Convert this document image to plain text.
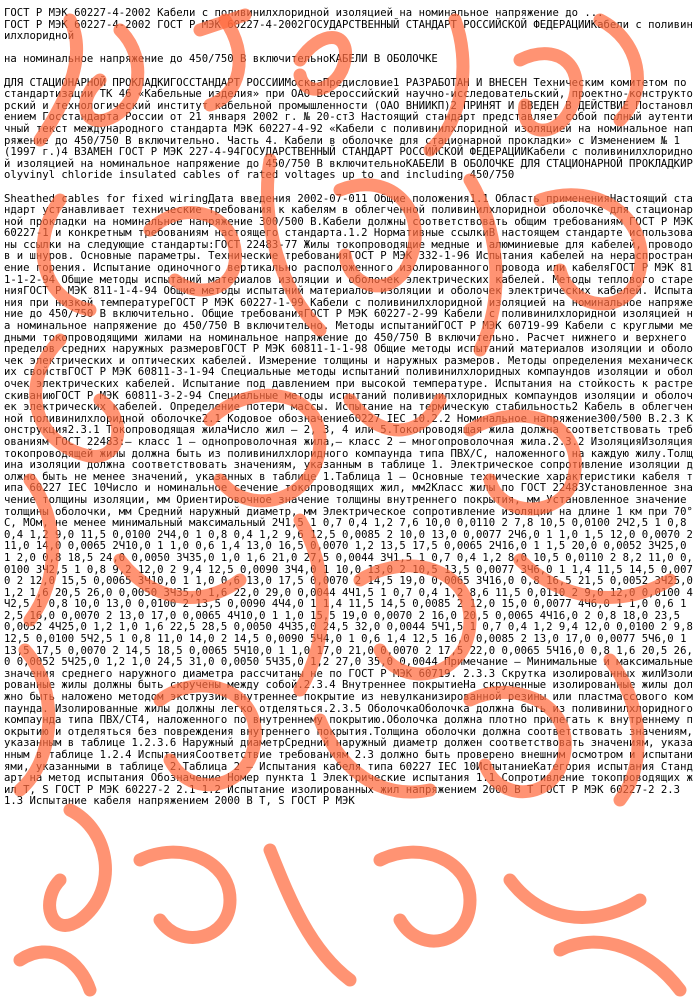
ГОСТ Р МЭК 60227-4-2002 Кабели с поливинилхлоридной изоляцией на номинальное напряжение до ...
ГОСТ Р МЭК 60227-4-2002 ГОСТ Р МЭК 60227-4-2002ГОСУДАРСТВЕННЫЙ СТАНДАРТ РОССИЙСКОЙ ФЕДЕРАЦИИКабели с поливинилхлоридной

на номинальное напряжение до 450/750 В включительноКАБЕЛИ В ОБОЛОЧКЕ

ДЛЯ СТАЦИОНАРНОЙ ПРОКЛАДКИГОССТАНДАРТ РОССИИМоскваПредисловие1 РАЗРАБОТАН И ВНЕСЕН Техническим комитетом по стандартизации ТК 46 «Кабельные изделия» при ОАО Всероссийский научно-исследовательский, проектно-конструкторский и технологический институт кабельной промышленности (ОАО ВНИИКП)2 ПРИНЯТ И ВВЕДЕН В ДЕЙСТВИЕ Постановлением Госстандарта России от 21 января 2002 г. № 20-ст3 Настоящий стандарт представляет собой полный аутентичный текст международного стандарта МЭК 60227-4-92 «Кабели с поливинилхлоридной изоляцией на номинальное напряжение до 450/750 В включительно. Часть 4. Кабели в оболочке для стационарной прокладки» с Изменением № 1 (1997 г.)4 ВЗАМЕН ГОСТ Р МЭК 227-4-94ГОСУДАРСТВЕННЫЙ СТАНДАРТ РОССИЙСКОЙ ФЕДЕРАЦИИКабели с поливинилхлоридной изоляцией на номинальное напряжение до 450/750 В включительноКАБЕЛИ В ОБОЛОЧКЕ ДЛЯ СТАЦИОНАРНОЙ ПРОКЛАДКИPolyvinyl chloride insulated cables of rated voltages up to and including 450/750

Sheathed cables for fixed wiringДата введения 2002-07-011 Общие положения1.1 Область примененияНастоящий стандарт устанавливает технические требования к кабелям в облегченной поливинилхлоридной оболочке для стационарной прокладки на номинальное напряжение 300/500 В.Кабели должны соответствовать общим требованиям ГОСТ Р МЭК 60227-1 и конкретным требованиям настоящего стандарта.1.2 Нормативные ссылкиВ настоящем стандарте использованы ссылки на следующие стандарты:ГОСТ 22483-77 Жилы токопроводящие медные и алюминиевые для кабелей, проводов и шнуров. Основные параметры. Технические требованияГОСТ Р МЭК 332-1-96 Испытания кабелей на нераспространение горения. Испытание одиночного вертикально расположенного изолированного провода или кабеляГОСТ Р МЭК 811-1-2-94 Общие методы испытаний материалов изоляции и оболочек электрических кабелей. Методы теплового старенияГОСТ Р МЭК 811-1-4-94 Общие методы испытаний материалов изоляции и оболочек электрических кабелей. Испытания при низкой температуреГОСТ Р МЭК 60227-1-99 Кабели с поливинилхлоридной изоляцией на номинальное напряжение до 450/750 В включительно. Общие требованияГОСТ Р МЭК 60227-2-99 Кабели с поливинилхлоридной изоляцией на номинальное напряжение до 450/750 В включительно. Методы испытанийГОСТ Р МЭК 60719-99 Кабели с круглыми медными токопроводящими жилами на номинальное напряжение до 450/750 В включительно. Расчет нижнего и верхнего пределов средних наружных размеровГОСТ Р МЭК 60811-1-1-98 Общие методы испытаний материалов изоляции и оболочек электрических и оптических кабелей. Измерение толщины и наружных размеров. Методы определения механических свойствГОСТ Р МЭК 60811-3-1-94 Специальные методы испытаний поливинилхлоридных компаундов изоляции и оболочек электрических кабелей. Испытание под давлением при высокой температуре. Испытания на стойкость к растрескиваниюГОСТ Р МЭК 60811-3-2-94 Специальные методы испытаний поливинилхлоридных компаундов изоляции и оболочек электрических кабелей. Определение потери массы. Испытание на термическую стабильность2 Кабель в облегченной поливинилхлоридной оболочке2.1 Кодовое обозначение60227 IEC 10.2.2 Номинальное напряжение300/500 В.2.3 Конструкция2.3.1 Токопроводящая жилаЧисло жил — 2, 3, 4 или 5.Токопроводящая жила должна соответствовать требованиям ГОСТ 22483:— класс 1 — однопроволочная жила,— класс 2 — многопроволочная жила.2.3.2 ИзоляцияИзоляция токопроводящей жилы должна быть из поливинилхлоридного компаунда типа ПВХ/С, наложенного на каждую жилу.Толщина изоляции должна соответствовать значениям, указанным в таблице 1. Электрическое сопротивление изоляции должно быть не менее значений, указанных в таблице 1.Таблица 1 — Основные технические характеристики кабеля типа 60227 IEC 10Число и номинальное сечение токопроводящих жил, мм2Класс жилы по ГОСТ 22483Установленное значение толщины изоляции, мм Ориентировочное значение толщины внутреннего покрытия, мм Установленное значение толщины оболочки, мм Средний наружный диаметр, мм Электрическое сопротивление изоляции на длине 1 км при 70°С, МОм, не менее минимальный максимальный 2Ч1,5 1 0,7 0,4 1,2 7,6 10,0 0,0110 2 7,8 10,5 0,0100 2Ч2,5 1 0,8 0,4 1,2 9,0 11,5 0,0100 2Ч4,0 1 0,8 0,4 1,2 9,6 12,5 0,0085 2 10,0 13,0 0,0077 2Ч6,0 1 1,0 1,5 12,0 0,0070 2 11,0 14,0 0,0065 2Ч10,0 1 1,0 0,6 1,4 13,0 16,5 0,0070 1,2 13,5 17,5 0,0065 2Ч16,0 1 1,5 20,0 0,0052 3Ч25,0 1 2,0 0,8 18,5 24,0 0,0050 3Ч35,0 1,0 1,6 21,0 27,5 0,0044 3Ч1,5 1 0,7 0,4 1,2 8,0 10,5 0,0110 2 8,2 11,0 0,0100 3Ч2,5 1 0,8 9,2 12,0 2 9,4 12,5 0,0090 3Ч4,0 1 10,0 13,0 2 10,5 13,5 0,0077 3Ч6,0 1 1,4 11,5 14,5 0,0070 2 12,0 15,5 0,0065 3Ч10,0 1 1,0 0,6 13,0 17,5 0,0070 2 14,5 19,0 0,0065 3Ч16,0 0,8 16,5 21,5 0,0052 3Ч25,0 1,2 1,6 20,5 26,0 0,0050 3Ч35,0 1,6 22,0 29,0 0,0044 4Ч1,5 1 0,7 0,4 1,2 8,6 11,5 0,0110 2 9,0 12,0 0,0100 4Ч2,5 1 0,8 10,0 13,0 0,0100 2 13,5 0,0090 4Ч4,0 1 1,4 11,5 14,5 0,0085 2 12,0 15,0 0,0077 4Ч6,0 1 1,0 0,6 12,5 16,0 0,0070 2 13,0 17,0 0,0065 4Ч10,0 1 1,0 15,5 19,0 0,0070 2 16,0 20,5 0,0065 4Ч16,0 2 0,8 18,0 23,5 0,0052 4Ч25,0 1,2 1,0 1,6 22,5 28,5 0,0050 4Ч35,0 24,5 32,0 0,0044 5Ч1,5 1 0,7 0,4 1,2 9,4 12,0 0,0100 2 9,8 12,5 0,0100 5Ч2,5 1 0,8 11,0 14,0 2 14,5 0,0090 5Ч4,0 1 0,6 1,4 12,5 16,0 0,0085 2 13,0 17,0 0,0077 5Ч6,0 1 13,5 17,5 0,0070 2 14,5 18,5 0,0065 5Ч10,0 1 1,0 17,0 21,0 0,0070 2 17,5 22,0 0,0065 5Ч16,0 0,8 1,6 20,5 26,0 0,0052 5Ч25,0 1,2 1,0 24,5 31,0 0,0050 5Ч35,0 1,2 27,0 35,0 0,0044 Примечание — Минимальные и максимальные значения среднего наружного диаметра рассчитаны не по ГОСТ Р МЭК 60719. 2.3.3 Скрутка изолированных жилИзолированные жилы должны быть скручены между собой.2.3.4 Внутреннее покрытиеНа скрученные изолированные жилы должно быть наложено методом экструзии внутреннее покрытие из невулканизированной резины или пластмассового компаунда. Изолированные жилы должны легко отделяться.2.3.5 ОболочкаОболочка должна быть из поливинилхлоридного компаунда типа ПВХ/СТ4, наложенного по внутреннему покрытию.Оболочка должна плотно прилегать к внутреннему покрытию и отделяться без повреждения внутреннего покрытия.Толщина оболочки должна соответствовать значениям, указанным в таблице 1.2.3.6 Наружный диаметрСредний наружный диаметр должен соответствовать значениям, указанным в таблице 1.2.4 ИспытанияСоответствие требованиям 2.3 должно быть проверено внешним осмотром и испытаниями, указанными в таблице 2.Таблица 2 — Испытания кабеля типа 60227 IEC 10ИспытаниеКатегория испытания Стандарт на метод испытания Обозначение Номер пункта 1 Электрические испытания 1.1 Сопротивление токопроводящих жил Т, S ГОСТ Р МЭК 60227-2 2.1 1.2 Испытание изолированных жил напряжением 2000 В Т ГОСТ Р МЭК 60227-2 2.3 1.3 Испытание кабеля напряжением 2000 В Т, S ГОСТ Р МЭК
